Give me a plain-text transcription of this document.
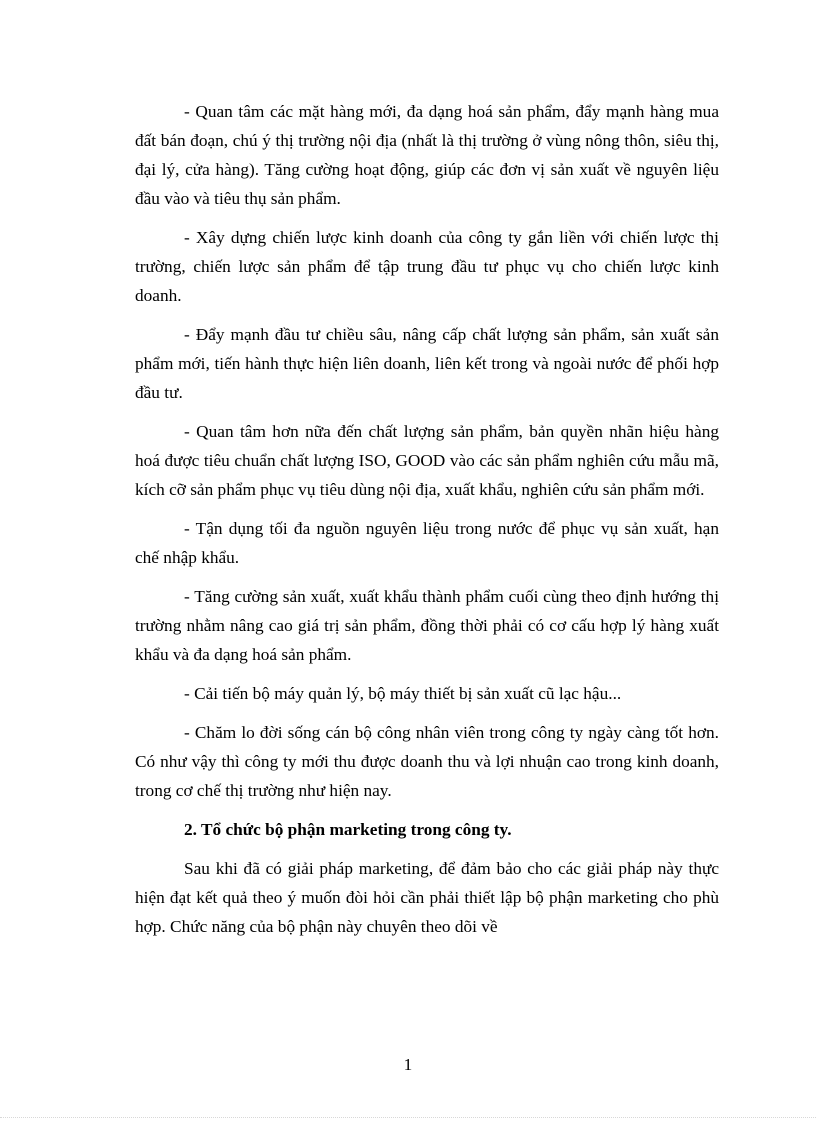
- Quan tâm các mặt hàng mới, đa dạng hoá sản phẩm, đẩy mạnh hàng mua đất bán đoạn, chú ý thị trường nội địa (nhất là thị trường ở vùng nông thôn, siêu thị, đại lý, cửa hàng). Tăng cường hoạt động, giúp các đơn vị sản xuất về nguyên liệu đầu vào và tiêu thụ sản phẩm.

- Xây dựng chiến lược kinh doanh của công ty gắn liền với chiến lược thị trường, chiến lược sản phẩm để tập trung đầu tư phục vụ cho chiến lược kinh doanh.

- Đẩy mạnh đầu tư chiều sâu, nâng cấp chất lượng sản phẩm, sản xuất sản phẩm mới, tiến hành thực hiện liên doanh, liên kết trong và ngoài nước để phối hợp đầu tư.

- Quan tâm hơn nữa đến chất lượng sản phẩm, bản quyền nhãn hiệu hàng hoá được tiêu chuẩn chất lượng ISO, GOOD vào các sản phẩm nghiên cứu mẫu mã, kích cỡ sản phẩm phục vụ tiêu dùng nội địa, xuất khẩu, nghiên cứu sản phẩm mới.

- Tận dụng tối đa nguồn nguyên liệu trong nước để phục vụ sản xuất, hạn chế nhập khẩu.

- Tăng cường sản xuất, xuất khẩu thành phẩm cuối cùng theo định hướng thị trường nhằm nâng cao giá trị sản phẩm, đồng thời phải có cơ cấu hợp lý hàng xuất khẩu và đa dạng hoá sản phẩm.

- Cải tiến bộ máy quản lý, bộ máy thiết bị sản xuất cũ lạc hậu...

- Chăm lo đời sống cán bộ công nhân viên trong công ty ngày càng tốt hơn. Có như vậy thì công ty mới thu được doanh thu và lợi nhuận cao trong kinh doanh, trong cơ chế thị trường như hiện nay.

2. Tổ chức bộ phận marketing trong công ty.

Sau khi đã có giải pháp marketing, để đảm bảo cho các giải pháp này thực hiện đạt kết quả theo ý muốn đòi hỏi cần phải thiết lập bộ phận marketing cho phù hợp. Chức năng của bộ phận này chuyên theo dõi về

1
